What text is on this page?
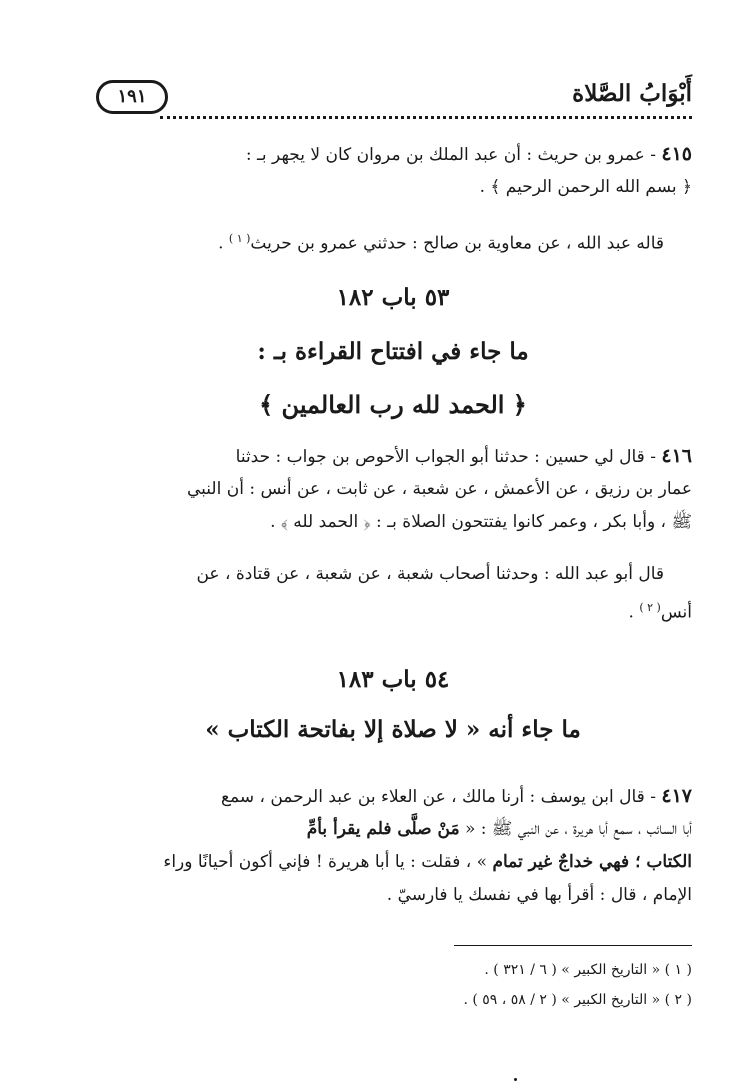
أَبْوَابُ الصَّلاة
١٩١
٤١٥ - عمرو بن حريث : أن عبد الملك بن مروان كان لا يجهر بـ :
﴿ بسم الله الرحمن الرحيم ﴾ .
قاله عبد الله ، عن معاوية بن صالح : حدثني عمرو بن حريث$^{( ١ )}$ .
٥٣ باب ١٨٢
ما جاء في افتتاح القراءة بـ :
﴿ الحمد لله رب العالمين ﴾
٤١٦ - قال لي حسين : حدثنا أبو الجواب الأحوص بن جواب : حدثنا
عمار بن رزيق ، عن الأعمش ، عن شعبة ، عن ثابت ، عن أنس : أن النبي
ﷺ ، وأبا بكر ، وعمر كانوا يفتتحون الصلاة بـ : ﴿ الحمد لله ﴾ .
قال أبو عبد الله : وحدثنا أصحاب شعبة ، عن شعبة ، عن قتادة ، عن
أنس$^{( ٢ )}$ .
٥٤ باب ١٨٣
ما جاء أنه « لا صلاة إلا بفاتحة الكتاب »
٤١٧ - قال ابن يوسف : أرنا مالك ، عن العلاء بن عبد الرحمن ، سمع
أبا السائب ، سمع أبا هريرة ، عن النبي ﷺ : « مَنْ صلَّى فلم يقرأ بأمِّ
الكتاب ؛ فهي خداجٌ غير تمام » ، فقلت : يا أبا هريرة ! فإني أكون أحيانًا وراء
الإمام ، قال : أقرأ بها في نفسك يا فارسيّ .
( ١ ) « التاريخ الكبير » ( ٦ / ٣٢١ ) .
( ٢ ) « التاريخ الكبير » ( ٢ / ٥٨ ، ٥٩ ) .
